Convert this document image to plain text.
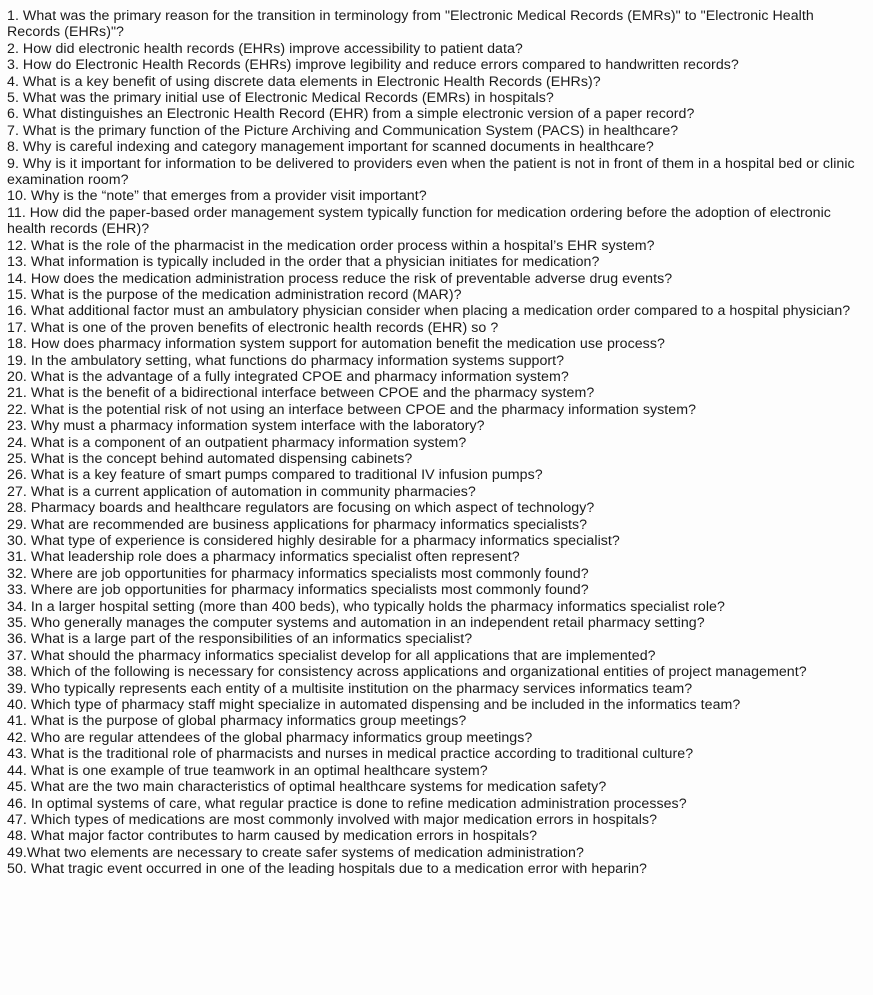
1. What was the primary reason for the transition in terminology from "Electronic Medical Records (EMRs)" to "Electronic Health Records (EHRs)"?
2. How did electronic health records (EHRs) improve accessibility to patient data?
3. How do Electronic Health Records (EHRs) improve legibility and reduce errors compared to handwritten records?
4. What is a key benefit of using discrete data elements in Electronic Health Records (EHRs)?
5. What was the primary initial use of Electronic Medical Records (EMRs) in hospitals?
6. What distinguishes an Electronic Health Record (EHR) from a simple electronic version of a paper record?
7. What is the primary function of the Picture Archiving and Communication System (PACS) in healthcare?
8. Why is careful indexing and category management important for scanned documents in healthcare?
9. Why is it important for information to be delivered to providers even when the patient is not in front of them in a hospital bed or clinic examination room?
10. Why is the “note” that emerges from a provider visit important?
11. How did the paper-based order management system typically function for medication ordering before the adoption of electronic health records (EHR)?
12. What is the role of the pharmacist in the medication order process within a hospital’s EHR system?
13. What information is typically included in the order that a physician initiates for medication?
14. How does the medication administration process reduce the risk of preventable adverse drug events?
15. What is the purpose of the medication administration record (MAR)?
16. What additional factor must an ambulatory physician consider when placing a medication order compared to a hospital physician?
17. What is one of the proven benefits of electronic health records (EHR) so ?
18. How does pharmacy information system support for automation benefit the medication use process?
19. In the ambulatory setting, what functions do pharmacy information systems support?
20. What is the advantage of a fully integrated CPOE and pharmacy information system?
21. What is the benefit of a bidirectional interface between CPOE and the pharmacy system?
22. What is the potential risk of not using an interface between CPOE and the pharmacy information system?
23. Why must a pharmacy information system interface with the laboratory?
24. What is a component of an outpatient pharmacy information system?
25. What is the concept behind automated dispensing cabinets?
26. What is a key feature of smart pumps compared to traditional IV infusion pumps?
27. What is a current application of automation in community pharmacies?
28. Pharmacy boards and healthcare regulators are focusing on which aspect of technology?
29. What are recommended are business applications for pharmacy informatics specialists?
30. What type of experience is considered highly desirable for a pharmacy informatics specialist?
31. What leadership role does a pharmacy informatics specialist often represent?
32. Where are job opportunities for pharmacy informatics specialists most commonly found?
33. Where are job opportunities for pharmacy informatics specialists most commonly found?
34. In a larger hospital setting (more than 400 beds), who typically holds the pharmacy informatics specialist role?
35. Who generally manages the computer systems and automation in an independent retail pharmacy setting?
36. What is a large part of the responsibilities of an informatics specialist?
37. What should the pharmacy informatics specialist develop for all applications that are implemented?
38. Which of the following is necessary for consistency across applications and organizational entities of project management?
39. Who typically represents each entity of a multisite institution on the pharmacy services informatics team?
40. Which type of pharmacy staff might specialize in automated dispensing and be included in the informatics team?
41. What is the purpose of global pharmacy informatics group meetings?
42. Who are regular attendees of the global pharmacy informatics group meetings?
43. What is the traditional role of pharmacists and nurses in medical practice according to traditional culture?
44. What is one example of true teamwork in an optimal healthcare system?
45. What are the two main characteristics of optimal healthcare systems for medication safety?
46. In optimal systems of care, what regular practice is done to refine medication administration processes?
47. Which types of medications are most commonly involved with major medication errors in hospitals?
48. What major factor contributes to harm caused by medication errors in hospitals?
49.What two elements are necessary to create safer systems of medication administration?
50. What tragic event occurred in one of the leading hospitals due to a medication error with heparin?
